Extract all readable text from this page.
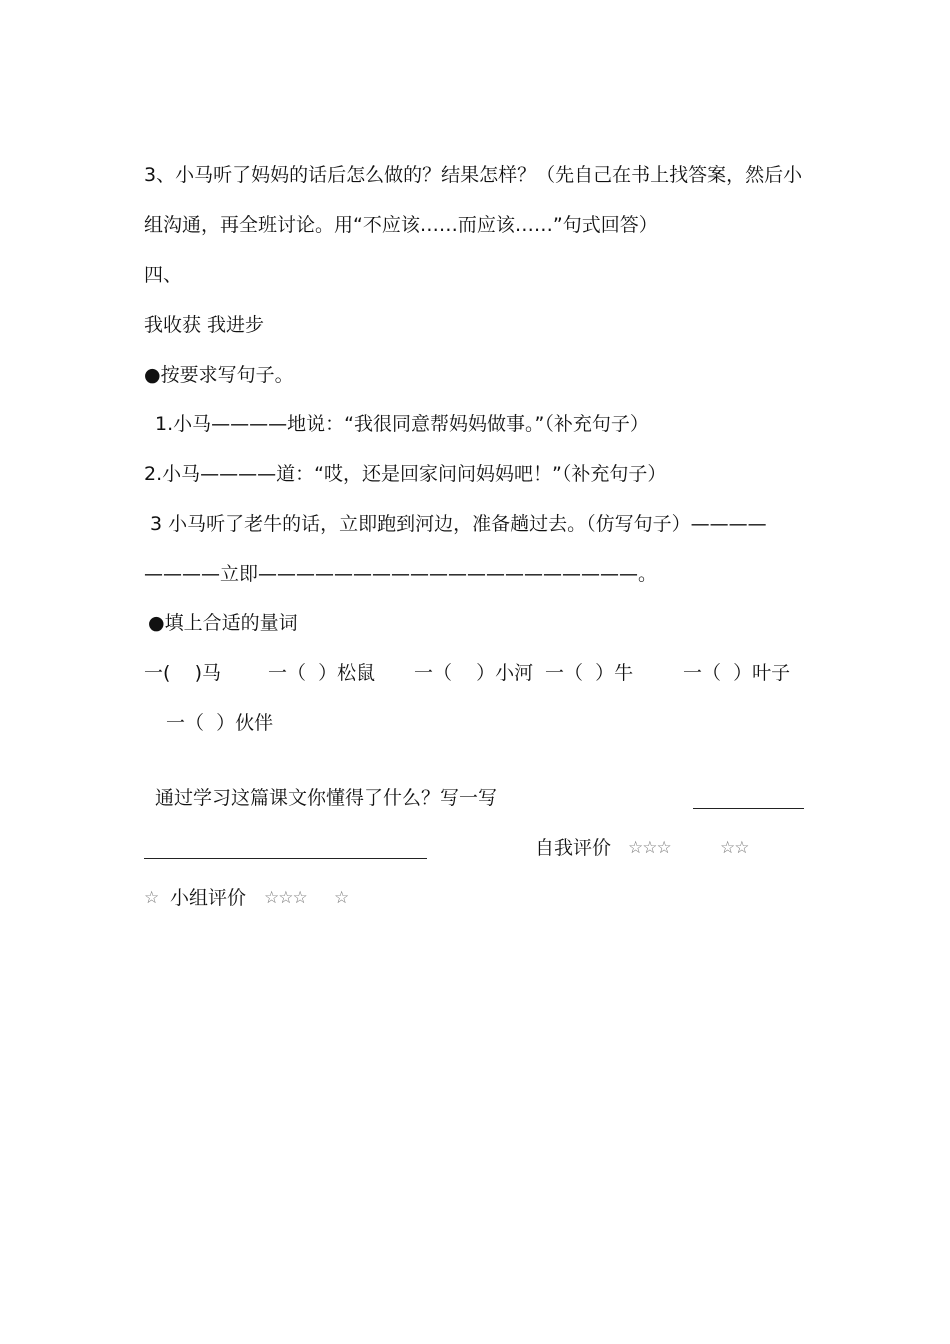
3、小马听了妈妈的话后怎么做的？结果怎样？（先自己在书上找答案，然后小

组沟通，再全班讨论。用“不应该……而应该……”句式回答）

四、

我收获 我进步

●按要求写句子。

1.小马————地说：“我很同意帮妈妈做事。”（补充句子）

2.小马————道：“哎，还是回家问问妈妈吧！”（补充句子）

3 小马听了老牛的话，立即跑到河边，准备趟过去。（仿写句子）————

————立即————————————————————。

●填上合适的量词

一(    )马 一（  ）松鼠 一（    ）小河 一（  ）牛	一（  ）叶子

一（  ）伙伴

通过学习这篇课文你懂得了什么？写一写

自我评价 ☆☆☆	☆☆
☆ 小组评价 ☆☆☆ ☆
